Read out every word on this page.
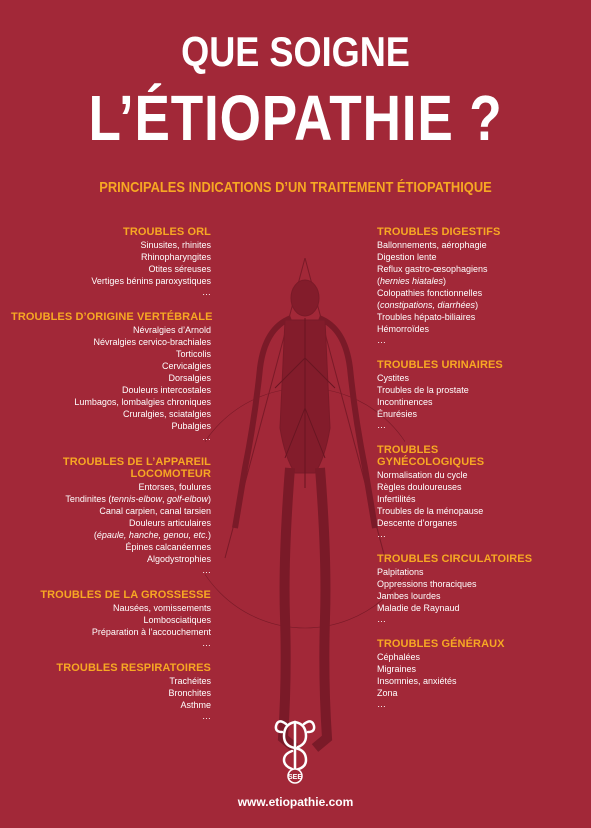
QUE SOIGNE
L’ÉTIOPATHIE ?
PRINCIPALES INDICATIONS D’UN TRAITEMENT ÉTIOPATHIQUE
TROUBLES ORL
Sinusites, rhinites
Rhinopharyngites
Otites séreuses
Vertiges bénins paroxystiques
…
TROUBLES D’ORIGINE VERTÉBRALE
Névralgies d’Arnold
Névralgies cervico-brachiales
Torticolis
Cervicalgies
Dorsalgies
Douleurs intercostales
Lumbagos, lombalgies chroniques
Cruralgies, sciatalgies
Pubalgies
…
TROUBLES DE L’APPAREIL
LOCOMOTEUR
Entorses, foulures
Tendinites (tennis-elbow, golf-elbow)
Canal carpien, canal tarsien
Douleurs articulaires
(épaule, hanche, genou, etc.)
Épines calcanéennes
Algodystrophies
…
TROUBLES DE LA GROSSESSE
Nausées, vomissements
Lombosciatiques
Préparation à l’accouchement
…
TROUBLES RESPIRATOIRES
Trachéites
Bronchites
Asthme
…
TROUBLES DIGESTIFS
Ballonnements, aérophagie
Digestion lente
Reflux gastro-œsophagiens
(hernies hiatales)
Colopathies fonctionnelles
(constipations, diarrhées)
Troubles hépato-biliaires
Hémorroïdes
…
TROUBLES URINAIRES
Cystites
Troubles de la prostate
Incontinences
Énurésies
…
TROUBLES
GYNÉCOLOGIQUES
Normalisation du cycle
Règles douloureuses
Infertilités
Troubles de la ménopause
Descente d’organes
…
TROUBLES CIRCULATOIRES
Palpitations
Oppressions thoraciques
Jambes lourdes
Maladie de Raynaud
…
TROUBLES GÉNÉRAUX
Céphalées
Migraines
Insomnies, anxiétés
Zona
…
SEE
www.etiopathie.com
